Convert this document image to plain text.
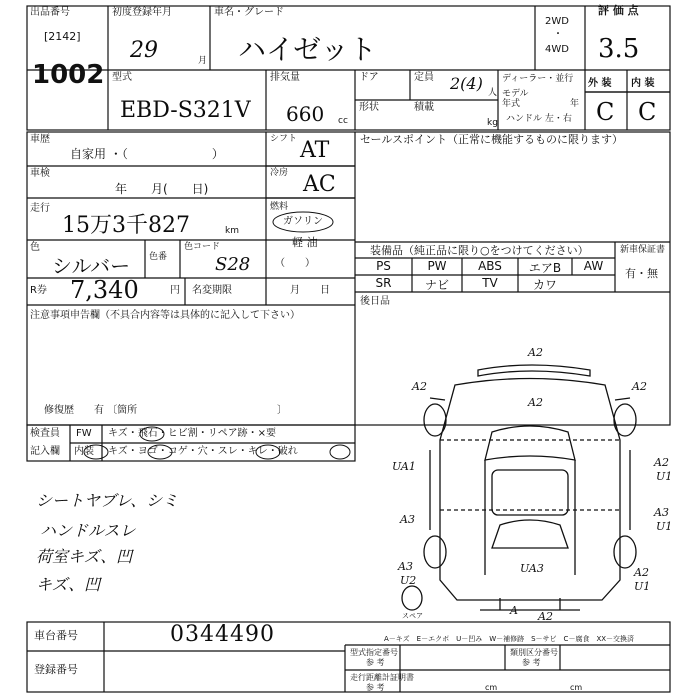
出品番号
[2142]
1002
初度登録年月
29	月
車名・グレード
ハイゼット
2WD
・
4WD
評 価 点
3.5
型式
EBD-S321V
排気量
660 cc
ドア	定員 2(4) 人
形状	積載
kg
ディーラー・並行
モデル
年式	年
ハンドル 左・右
外 装 内 装
C C
車歴
自家用 ・（　　　　　　　）
車検
年　　月(　　日)
走行
15万3千827	km
色
シルバー 色番
色コード
S28
R券 7,340	円 名変期限	月　　日
注意事項申告欄（不具合内容等は具体的に記入して下さい）
修復歴　　有 〔箇所　　　　　　　　　　　　　　〕
シフト AT
冷房 AC
燃料
ガソリン
軽 油
（　　）
セールスポイント（正常に機能するものに限ります）
装備品（純正品に限り○をつけてください）	新車保証書
有・無
PS	PW	ABS	エアB	AW
SR	ナビ	TV	カワ
後日品
検査員
記入欄
FW キズ・飛石・ヒビ割・リペア跡・×要
内装 キズ・ヨゴ・コゲ・穴・スレ・キレ・破れ
シートヤブレ、シミ
ハンドルスレ
荷室キズ、凹
キズ、凹
A2
A2
A2
A2
UA1	A2
U1
A3
A3
U1
A3
U2
UA3	A2
U1
A A2
スペア
A－キズ　E－エクボ　U－凹み　W－補修跡　S－サビ　C－腐食　XX－交換済
車台番号	0344490
登録番号
型式指定番号
参 考
類別区分番号
参 考
走行距離計証明書
参 考	cm	cm
